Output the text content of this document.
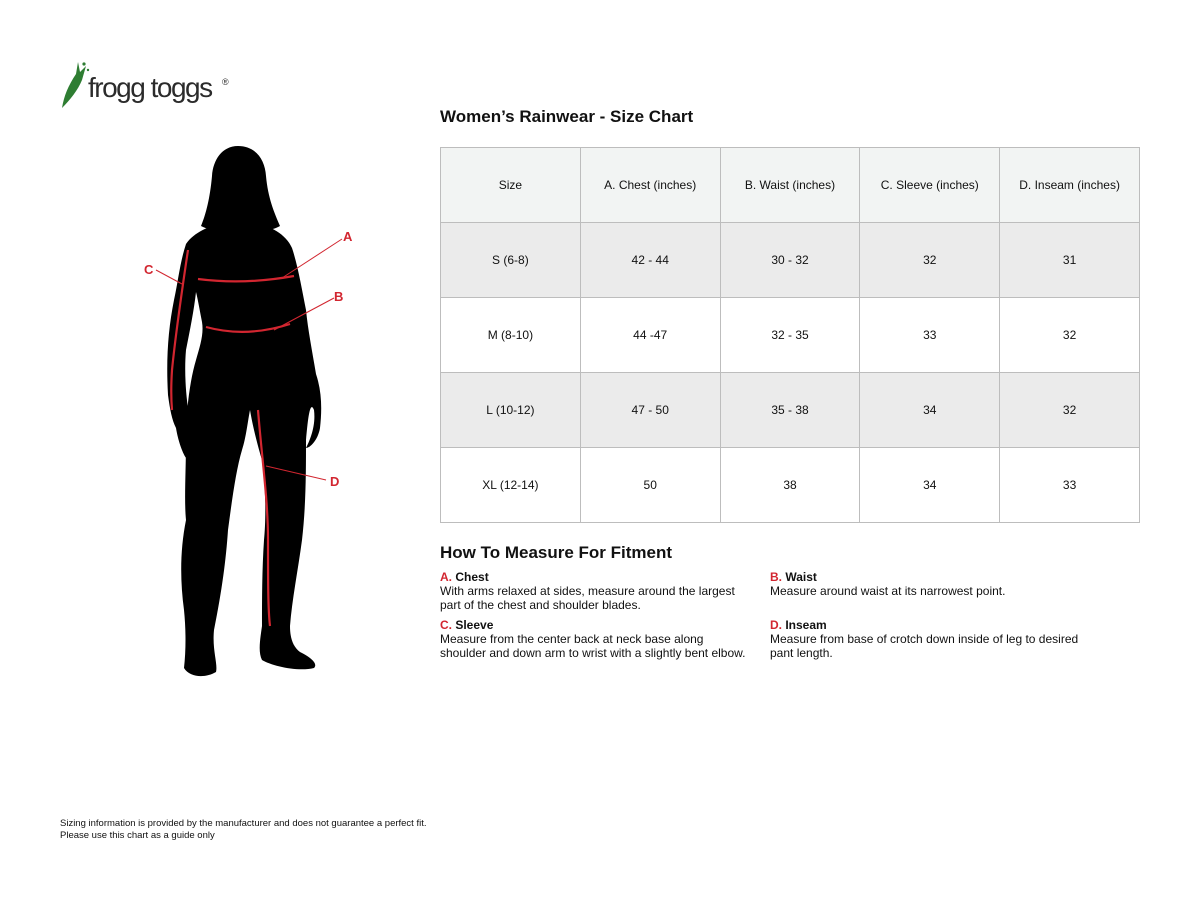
frogg toggs ®
A
B
C
D
Women’s Rainwear - Size Chart
Size	A. Chest (inches)	B. Waist (inches)	C. Sleeve (inches)	D. Inseam (inches)
S (6-8)	42 - 44	30 - 32	32	31
M (8-10)	44 -47	32 - 35	33	32
L (10-12)	47 - 50	35 - 38	34	32
XL (12-14)	50	38	34	33
How To Measure For Fitment
A. Chest
With arms relaxed at sides, measure around the largest part of the chest and shoulder blades.
B. Waist
Measure around waist at its narrowest point.
C. Sleeve
Measure from the center back at neck base along shoulder and down arm to wrist with a slightly bent elbow.
D. Inseam
Measure from base of crotch down inside of leg to desired pant length.
Sizing information is provided by the manufacturer and does not guarantee a perfect fit.
Please use this chart as a guide only
